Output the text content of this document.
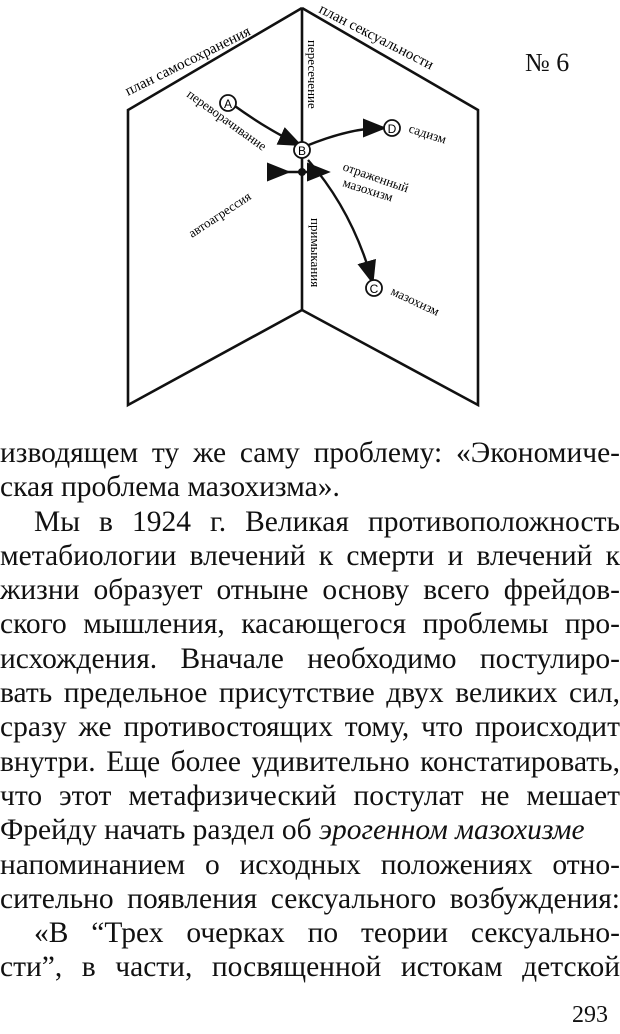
A
B
D
C
план самосохранения
план сексуальности
пересечение
примыкания
переворачивание
автоагрессия
садизм
отраженный
мазохизм
мазохизм
№ 6
изводящем ту же саму проблему: «Экономиче-
ская проблема мазохизма».
Мы в 1924 г. Великая противоположность
метабиологии влечений к смерти и влечений к
жизни образует отныне основу всего фрейдов-
ского мышления, касающегося проблемы про-
исхождения. Вначале необходимо постулиро-
вать предельное присутствие двух великих сил,
сразу же противостоящих тому, что происходит
внутри. Еще более удивительно констатировать,
что этот метафизический постулат не мешает
Фрейду начать раздел об эрогенном мазохизме
напоминанием о исходных положениях отно-
сительно появления сексуального возбуждения:
«В “Трех очерках по теории сексуально-
сти”, в части, посвященной истокам детской
293
